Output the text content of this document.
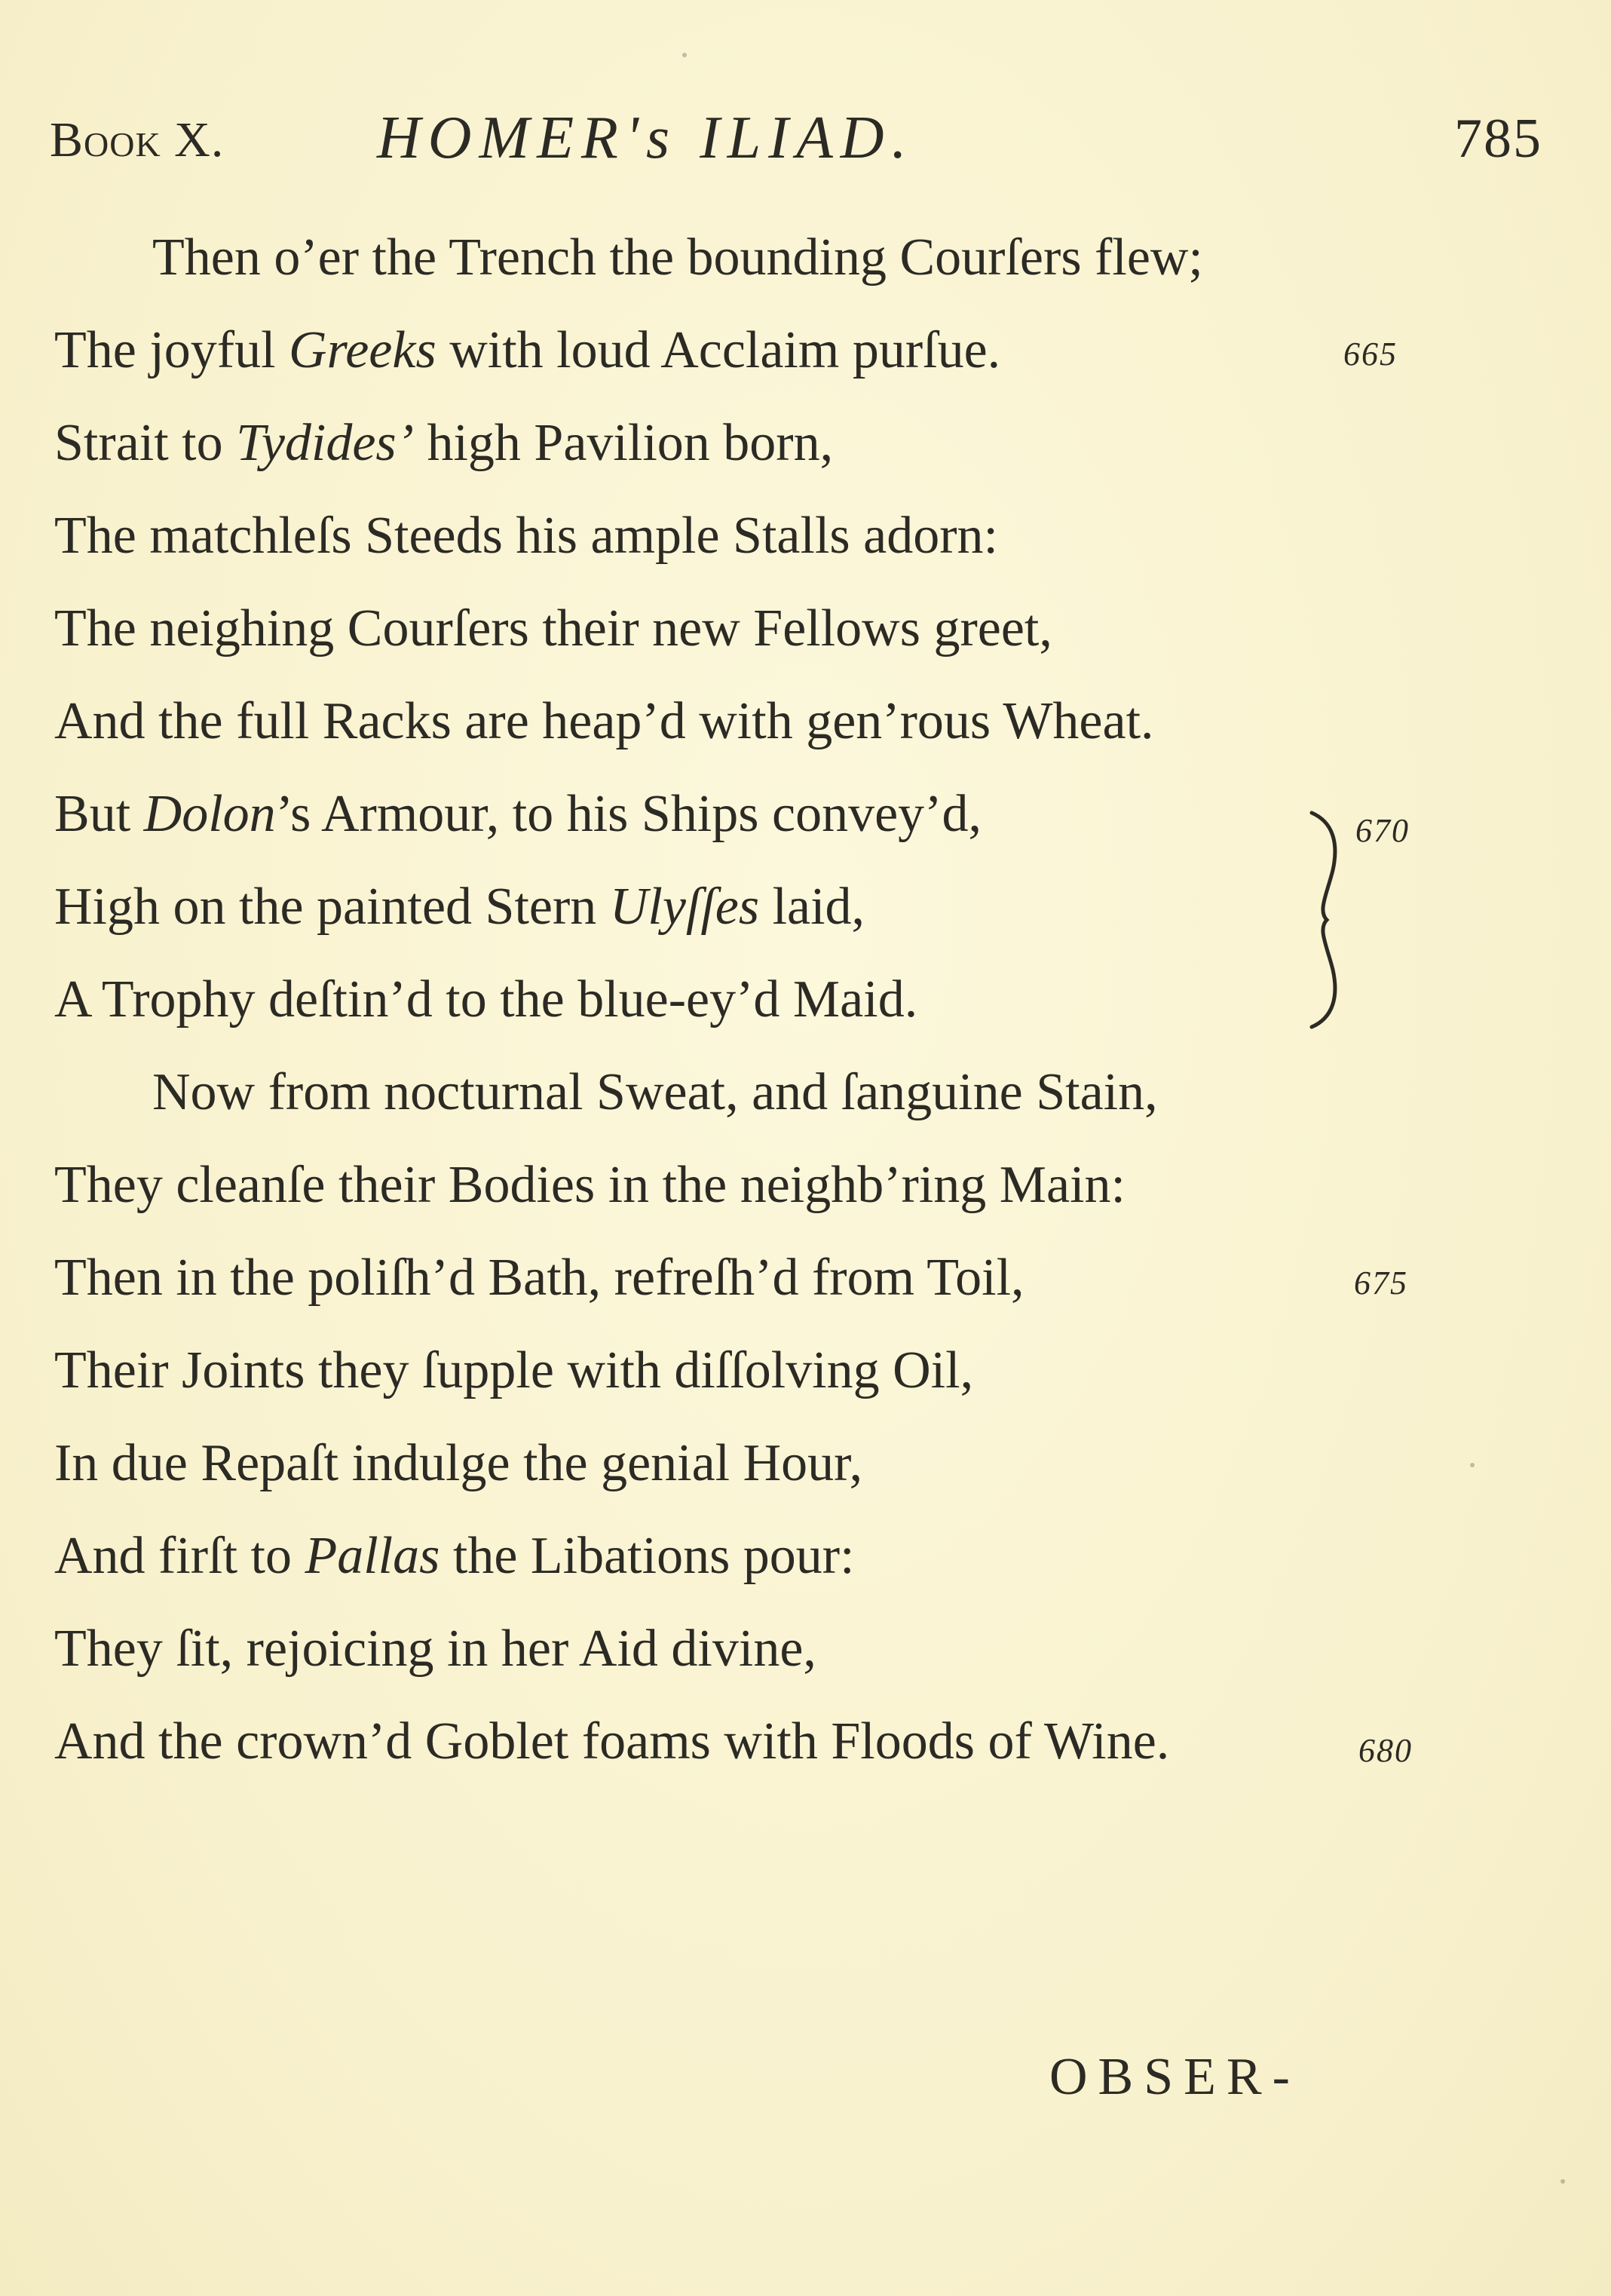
Book X.	HOMER's ILIAD.	785
Then o’er the Trench the bounding Courſers flew;
The joyful Greeks with loud Acclaim purſue.	665
Strait to Tydides’ high Pavilion born,
The matchleſs Steeds his ample Stalls adorn:
The neighing Courſers their new Fellows greet,
And the full Racks are heap’d with gen’rous Wheat.
But Dolon’s Armour, to his Ships convey’d,	670
High on the painted Stern Ulyſſes laid,
A Trophy deſtin’d to the blue-ey’d Maid.
Now from nocturnal Sweat, and ſanguine Stain,
They cleanſe their Bodies in the neighb’ring Main:
Then in the poliſh’d Bath, refreſh’d from Toil,	675
Their Joints they ſupple with diſſolving Oil,
In due Repaſt indulge the genial Hour,
And firſt to Pallas the Libations pour:
They ſit, rejoicing in her Aid divine,
And the crown’d Goblet foams with Floods of Wine.	680
OBSER-
